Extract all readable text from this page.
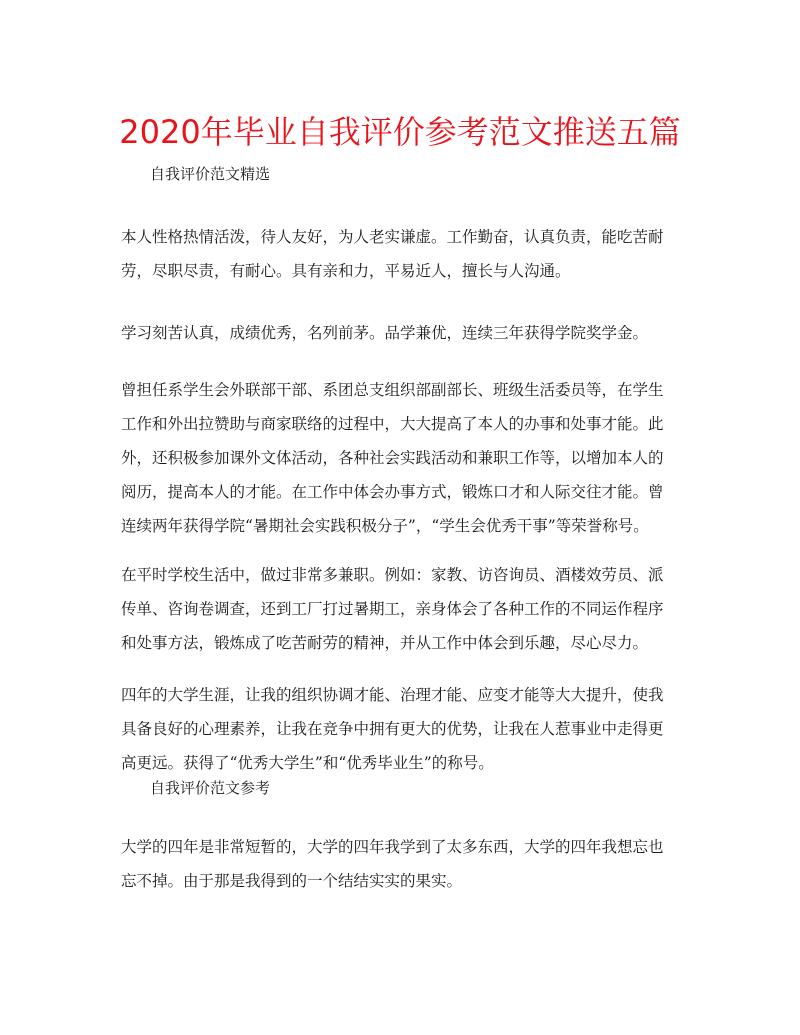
2020年毕业自我评价参考范文推送五篇
自我评价范文精选
本人性格热情活泼，待人友好，为人老实谦虚。工作勤奋，认真负责，能吃苦耐
劳，尽职尽责，有耐心。具有亲和力，平易近人，擅长与人沟通。
学习刻苦认真，成绩优秀，名列前茅。品学兼优，连续三年获得学院奖学金。
曾担任系学生会外联部干部、系团总支组织部副部长、班级生活委员等，在学生
工作和外出拉赞助与商家联络的过程中，大大提高了本人的办事和处事才能。此
外，还积极参加课外文体活动，各种社会实践活动和兼职工作等，以增加本人的
阅历，提高本人的才能。在工作中体会办事方式，锻炼口才和人际交往才能。曾
连续两年获得学院“暑期社会实践积极分子”，“学生会优秀干事”等荣誉称号。
在平时学校生活中，做过非常多兼职。例如：家教、访咨询员、酒楼效劳员、派
传单、咨询卷调查，还到工厂打过暑期工，亲身体会了各种工作的不同运作程序
和处事方法，锻炼成了吃苦耐劳的精神，并从工作中体会到乐趣，尽心尽力。
四年的大学生涯，让我的组织协调才能、治理才能、应变才能等大大提升，使我
具备良好的心理素养，让我在竞争中拥有更大的优势，让我在人惹事业中走得更
高更远。获得了“优秀大学生”和“优秀毕业生”的称号。
自我评价范文参考
大学的四年是非常短暂的，大学的四年我学到了太多东西，大学的四年我想忘也
忘不掉。由于那是我得到的一个结结实实的果实。
